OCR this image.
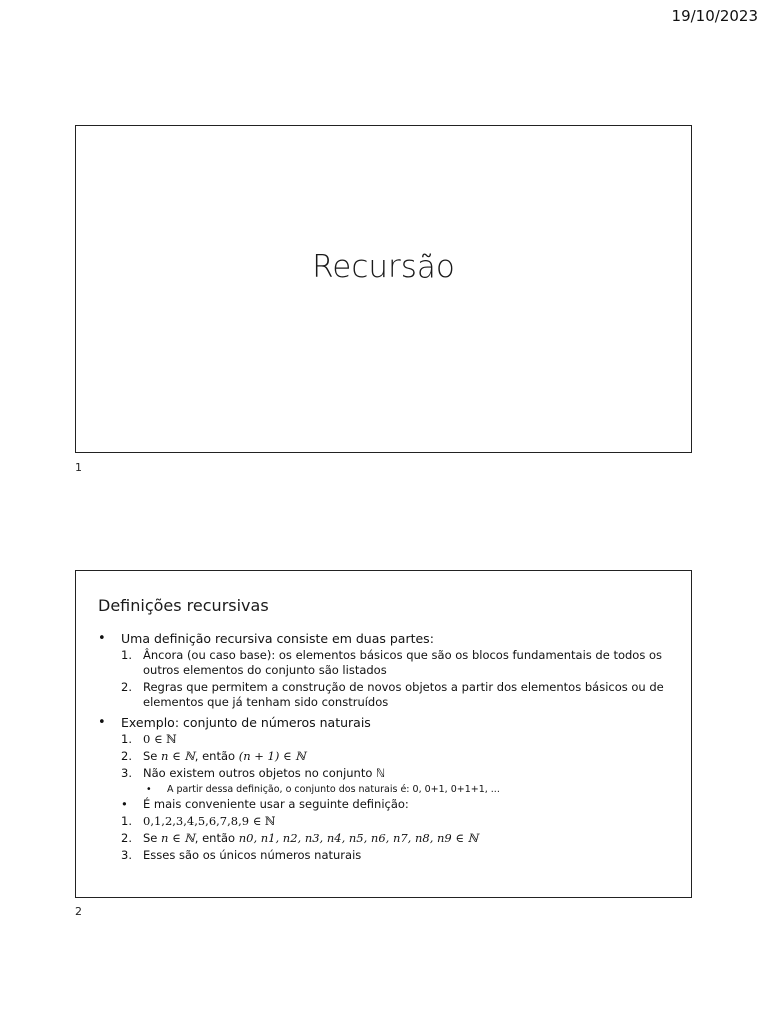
19/10/2023
Recursão
1
Definições recursivas
• Uma definição recursiva consiste em duas partes:
1. Âncora (ou caso base): os elementos básicos que são os blocos fundamentais de todos os outros elementos do conjunto são listados
2. Regras que permitem a construção de novos objetos a partir dos elementos básicos ou de elementos que já tenham sido construídos
• Exemplo: conjunto de números naturais
1. 0 ∈ ℕ
2. Se n ∈ ℕ, então (n + 1) ∈ ℕ
3. Não existem outros objetos no conjunto ℕ
• A partir dessa definição, o conjunto dos naturais é: 0, 0+1, 0+1+1, ...
• É mais conveniente usar a seguinte definição:
1. 0,1,2,3,4,5,6,7,8,9 ∈ ℕ
2. Se n ∈ ℕ, então n0, n1, n2, n3, n4, n5, n6, n7, n8, n9 ∈ ℕ
3. Esses são os únicos números naturais
2
